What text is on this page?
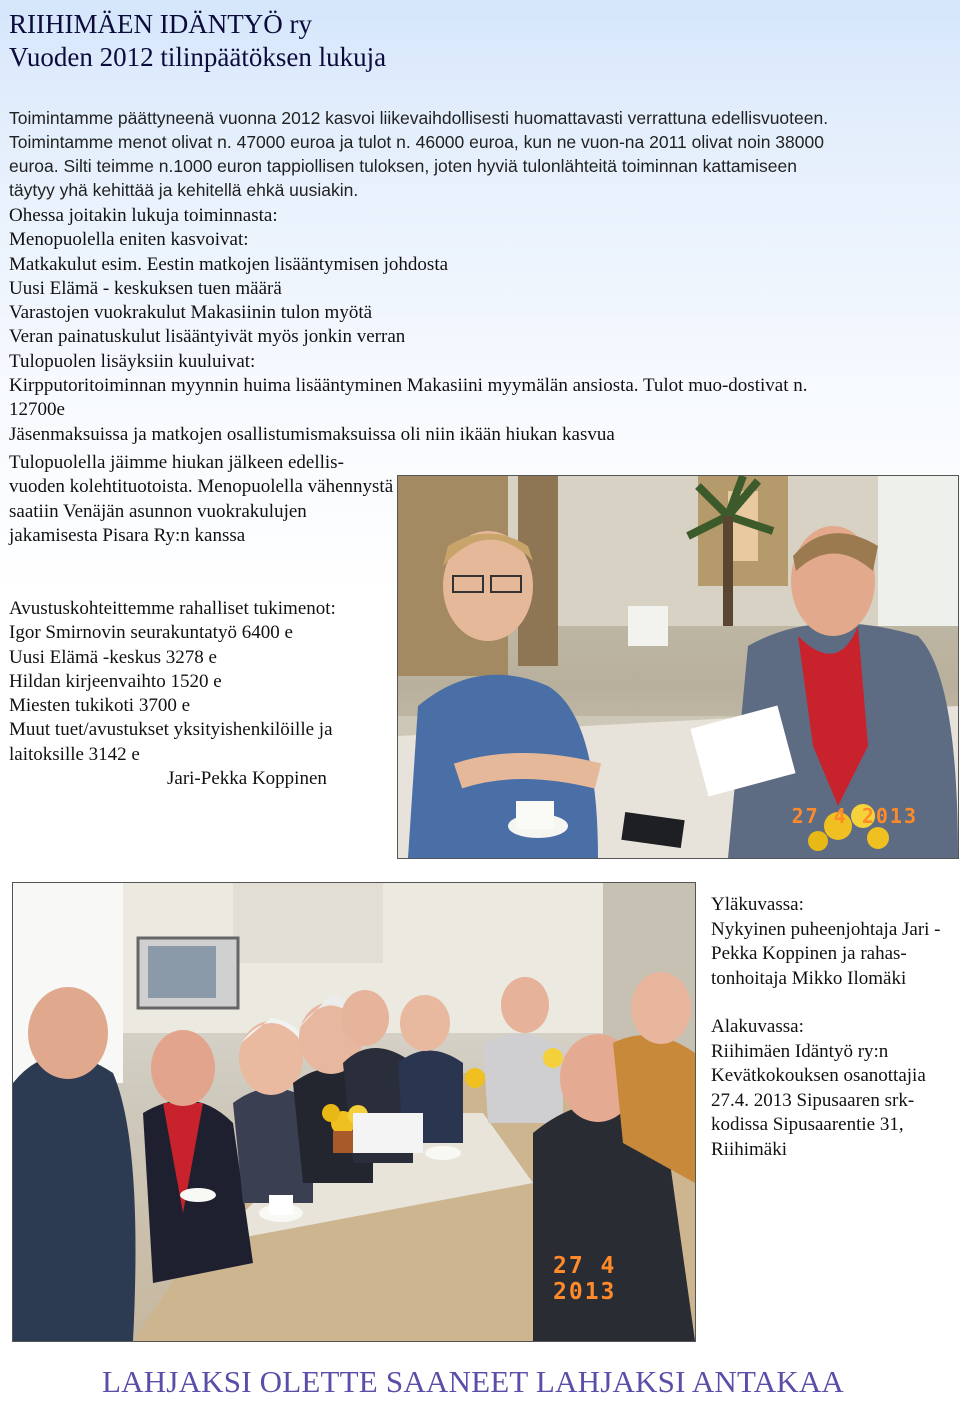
RIIHIMÄEN IDÄNTYÖ ry
Vuoden 2012 tilinpäätöksen lukuja
Toimintamme päättyneenä vuonna 2012 kasvoi liikevaihdollisesti huomattavasti verrattuna edellisvuoteen. Toimintamme menot olivat n. 47000 euroa ja tulot n. 46000 euroa, kun ne vuon-na 2011 olivat noin 38000 euroa. Silti teimme n.1000 euron tappiollisen tuloksen, joten hyviä tulonlähteitä toiminnan kattamiseen täytyy yhä kehittää ja kehitellä ehkä uusiakin.
Ohessa joitakin lukuja toiminnasta:
Menopuolella eniten kasvoivat:
Matkakulut esim. Eestin matkojen lisääntymisen johdosta
Uusi Elämä - keskuksen tuen määrä
Varastojen vuokrakulut Makasiinin tulon myötä
Veran painatuskulut lisääntyivät myös jonkin verran
Tulopuolen lisäyksiin kuuluivat:
Kirpputoritoiminnan myynnin huima lisääntyminen Makasiini myymälän ansiosta. Tulot muo-dostivat n. 12700e
Jäsenmaksuissa ja matkojen osallistumismaksuissa oli niin ikään hiukan kasvua
Tulopuolella jäimme hiukan jälkeen edellis-vuoden kolehtituotoista. Menopuolella vähennystä saatiin Venäjän asunnon vuokrakulujen jakamisesta Pisara Ry:n kanssa
Avustuskohteittemme rahalliset tukimenot:
Igor Smirnovin seurakuntatyö 6400 e
Uusi Elämä -keskus 3278 e
Hildan kirjeenvaihto 1520 e
Miesten tukikoti 3700 e
Muut tuet/avustukset yksityishenkilöille ja laitoksille 3142 e
Jari-Pekka Koppinen
27 4 2013
27 4 2013
Yläkuvassa:
Nykyinen puheenjohtaja Jari -Pekka Koppinen ja rahas-tonhoitaja Mikko Ilomäki
Alakuvassa:
Riihimäen Idäntyö ry:n Kevätkokouksen osanottajia 27.4. 2013 Sipusaaren srk-kodissa Sipusaarentie 31, Riihimäki
LAHJAKSI OLETTE SAANEET LAHJAKSI ANTAKAA
